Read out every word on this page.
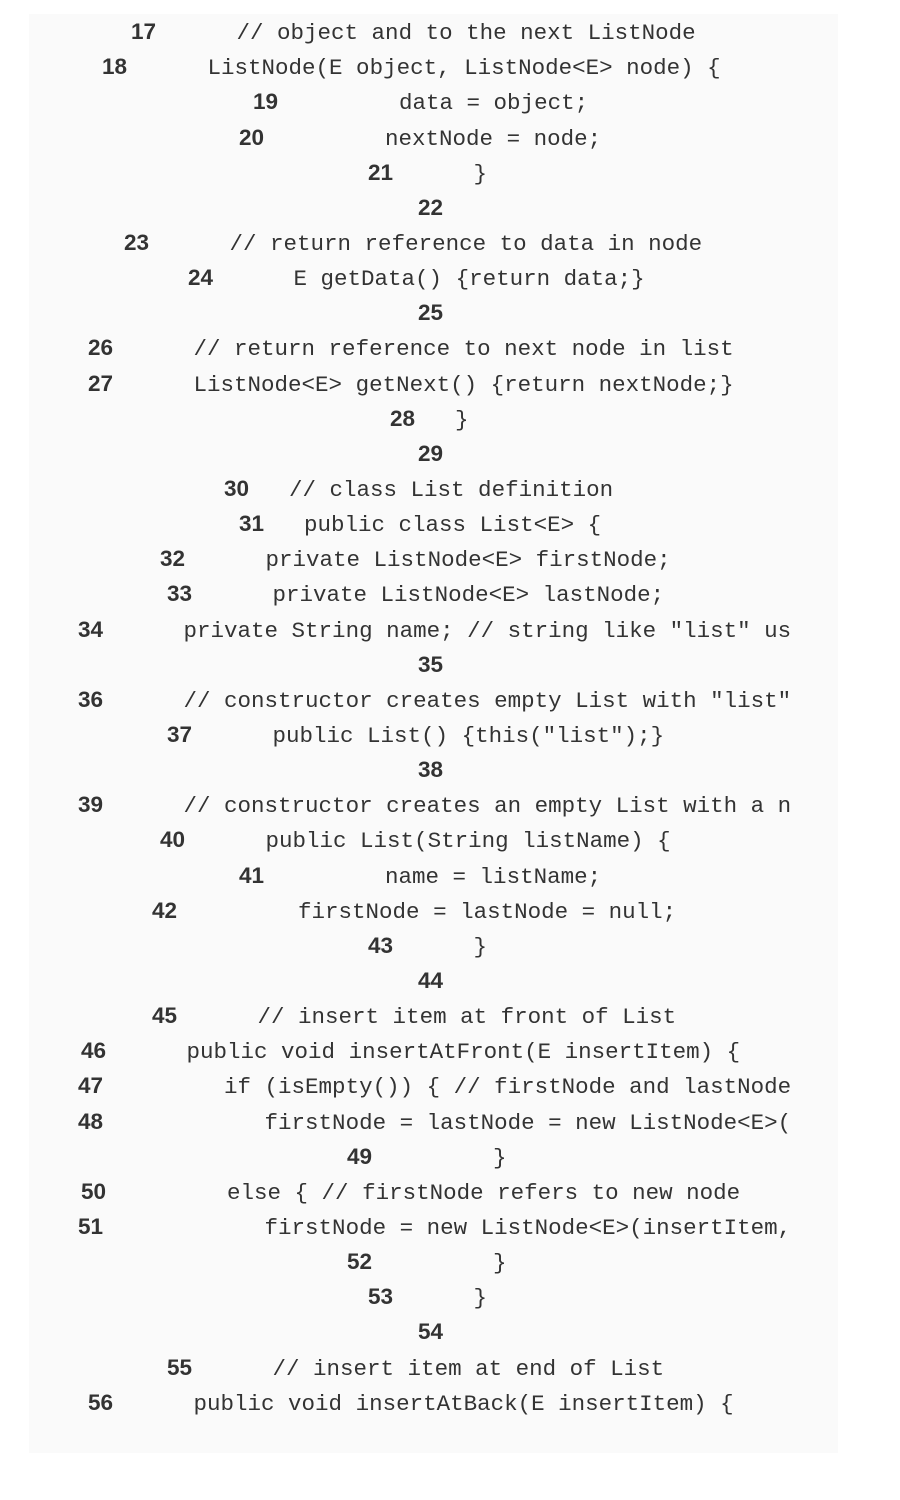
17   // object and to the next ListNode
18   ListNode(E object, ListNode<E> node) {
19      data = object;
20      nextNode = node;
21   }
22
23   // return reference to data in node
24   E getData() {return data;}
25
26   // return reference to next node in list
27   ListNode<E> getNext() {return nextNode;}
28 }
29
30 // class List definition
31 public class List<E> {
32   private ListNode<E> firstNode;
33   private ListNode<E> lastNode;
34   private String name; // string like "list" us
35
36   // constructor creates empty List with "list"
37   public List() {this("list");}
38
39   // constructor creates an empty List with a n
40   public List(String listName) {
41      name = listName;
42      firstNode = lastNode = null;
43   }
44
45   // insert item at front of List
46   public void insertAtFront(E insertItem) {
47      if (isEmpty()) { // firstNode and lastNode
48         firstNode = lastNode = new ListNode<E>(
49      }
50      else { // firstNode refers to new node
51         firstNode = new ListNode<E>(insertItem,
52      }
53   }
54
55   // insert item at end of List
56   public void insertAtBack(E insertItem) {
